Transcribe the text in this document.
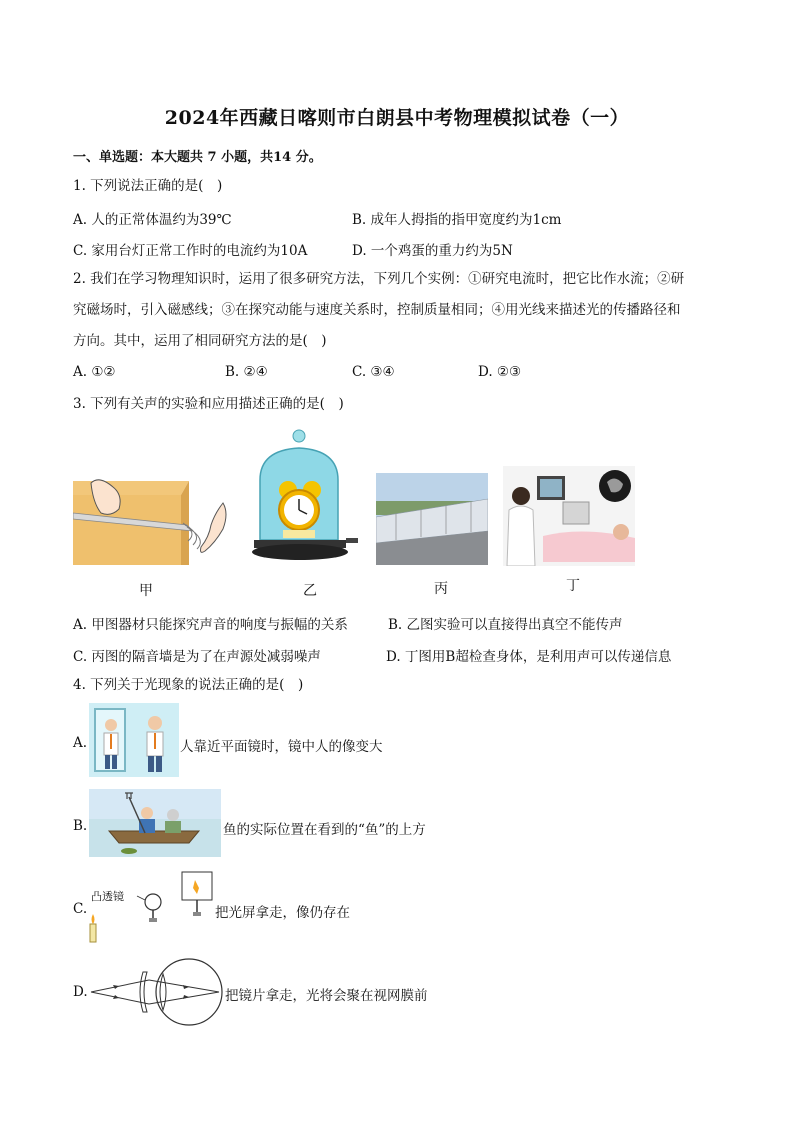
2024年西藏日喀则市白朗县中考物理模拟试卷（一）
一、单选题：本大题共 7 小题，共14 分。
1. 下列说法正确的是(　)
A. 人的正常体温约为39℃	B. 成年人拇指的指甲宽度约为1cm
C. 家用台灯正常工作时的电流约为10A	D. 一个鸡蛋的重力约为5N
2. 我们在学习物理知识时，运用了很多研究方法，下列几个实例：①研究电流时，把它比作水流；②研
究磁场时，引入磁感线；③在探究动能与速度关系时，控制质量相同；④用光线来描述光的传播路径和
方向。其中，运用了相同研究方法的是(　)
A. ①②	B. ②④	C. ③④	D. ②③
3. 下列有关声的实验和应用描述正确的是(　)
甲	乙	丙	丁
A. 甲图器材只能探究声音的响度与振幅的关系	B. 乙图实验可以直接得出真空不能传声
C. 丙图的隔音墙是为了在声源处减弱噪声	D. 丁图用B超检查身体，是利用声可以传递信息
4. 下列关于光现象的说法正确的是(　)
A.	人靠近平面镜时，镜中人的像变大
B.	鱼的实际位置在看到的“鱼”的上方
C.
凸透镜
把光屏拿走，像仍存在
D.	把镜片拿走，光将会聚在视网膜前
